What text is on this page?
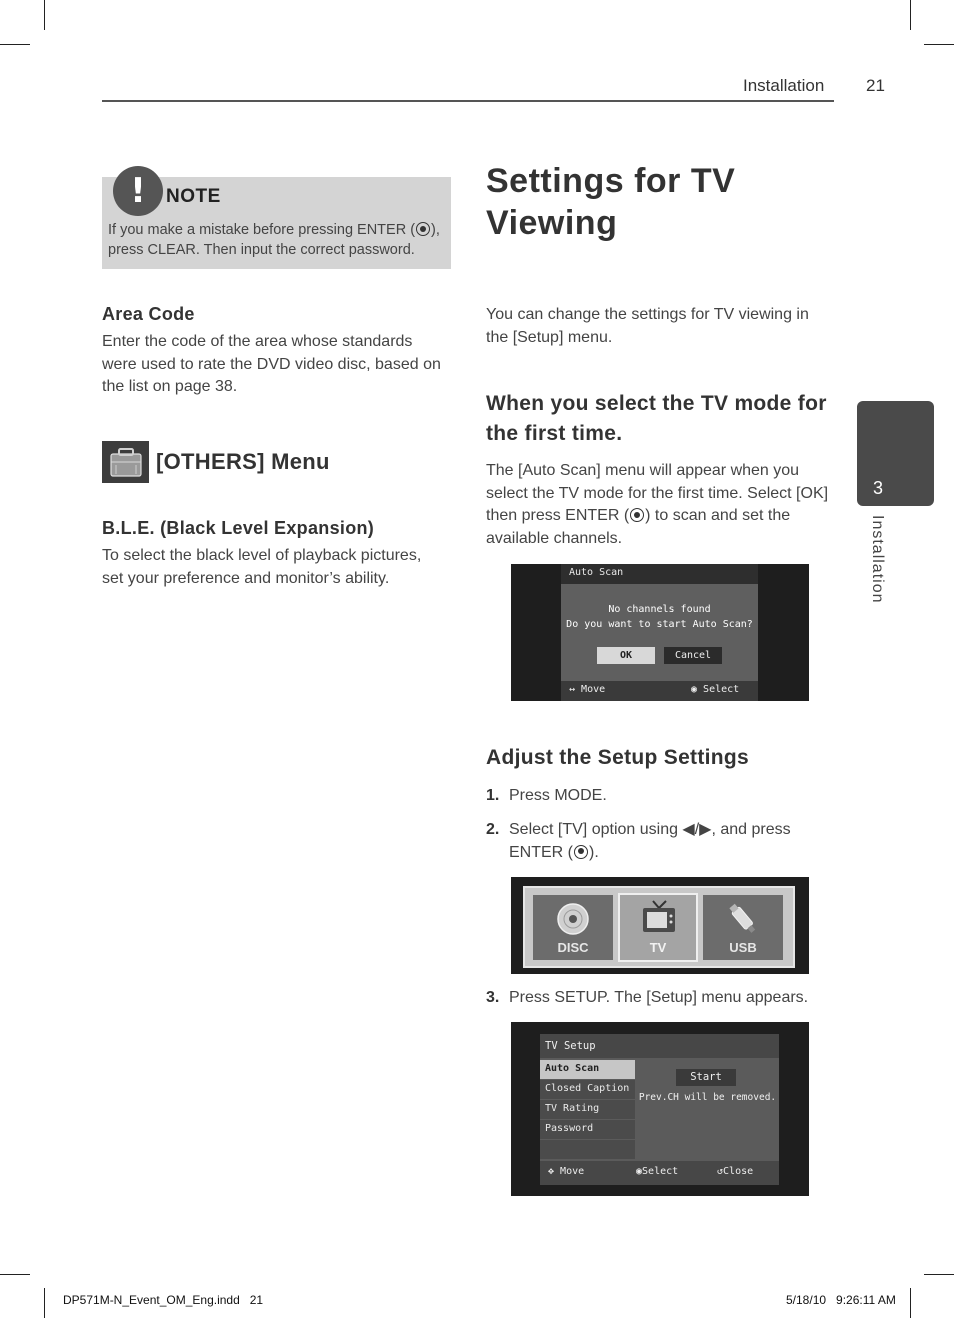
Installation 21
!	NOTE
If you make a mistake before pressing ENTER ( ), press CLEAR. Then input the correct password.
Area Code
Enter the code of the area whose standards were used to rate the DVD video disc, based on the list on page 38.
[OTHERS] Menu
B.L.E. (Black Level Expansion)
To select the black level of playback pictures, set your preference and monitor’s ability.
Settings for TV Viewing
You can change the settings for TV viewing in the [Setup] menu.
When you select the TV mode for the first time.
The [Auto Scan] menu will appear when you select the TV mode for the first time. Select [OK] then press ENTER ( ) to scan and set the available channels.
Auto Scan
No channels found
Do you want to start Auto Scan?
OK	Cancel
↔ Move	◉ Select
Adjust the Setup Settings
1. Press MODE.
2. Select [TV] option using ◀/▶, and press ENTER ( ).
DISC	TV	USB
3. Press SETUP. The [Setup] menu appears.
TV Setup
Auto Scan
Closed Caption
TV Rating
Password
Start
Prev.CH will be removed.
✥ Move	◉Select	↺Close
3
Installation
DP571M-N_Event_OM_Eng.indd   21	5/18/10   9:26:11 AM
